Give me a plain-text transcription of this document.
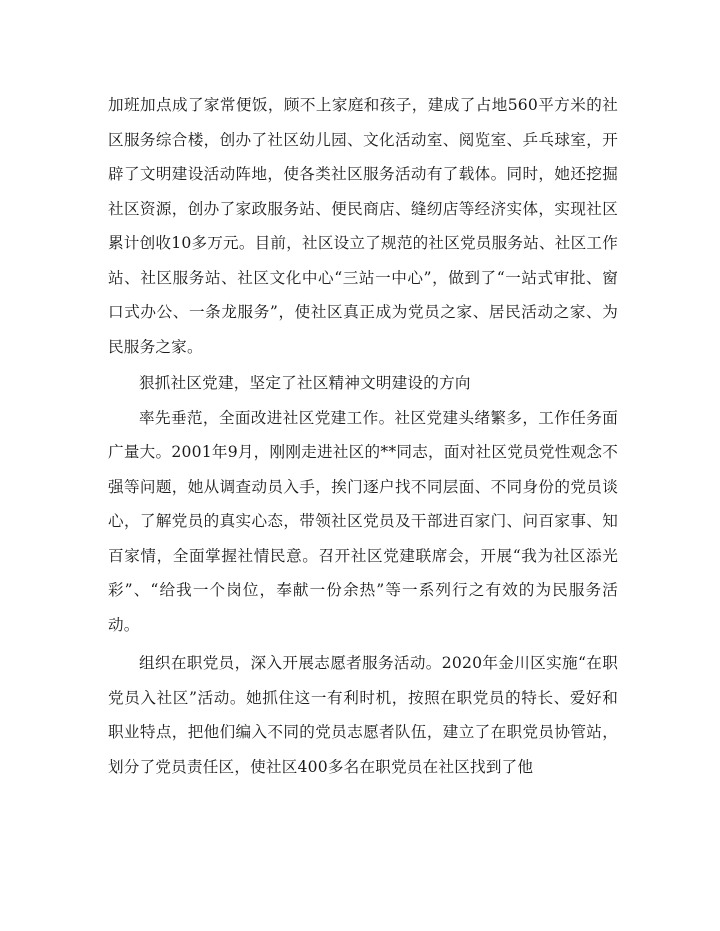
加班加点成了家常便饭，顾不上家庭和孩子，建成了占地560平方米的社区服务综合楼，创办了社区幼儿园、文化活动室、阅览室、乒乓球室，开辟了文明建设活动阵地，使各类社区服务活动有了载体。同时，她还挖掘社区资源，创办了家政服务站、便民商店、缝纫店等经济实体，实现社区累计创收10多万元。目前，社区设立了规范的社区党员服务站、社区工作站、社区服务站、社区文化中心“三站一中心”，做到了“一站式审批、窗口式办公、一条龙服务”，使社区真正成为党员之家、居民活动之家、为民服务之家。

狠抓社区党建，坚定了社区精神文明建设的方向

率先垂范，全面改进社区党建工作。社区党建头绪繁多，工作任务面广量大。2001年9月，刚刚走进社区的**同志，面对社区党员党性观念不强等问题，她从调查动员入手，挨门逐户找不同层面、不同身份的党员谈心，了解党员的真实心态，带领社区党员及干部进百家门、问百家事、知百家情，全面掌握社情民意。召开社区党建联席会，开展“我为社区添光彩”、“给我一个岗位，奉献一份余热”等一系列行之有效的为民服务活动。

组织在职党员，深入开展志愿者服务活动。2020年金川区实施“在职党员入社区”活动。她抓住这一有利时机，按照在职党员的特长、爱好和职业特点，把他们编入不同的党员志愿者队伍，建立了在职党员协管站，划分了党员责任区，使社区400多名在职党员在社区找到了他
